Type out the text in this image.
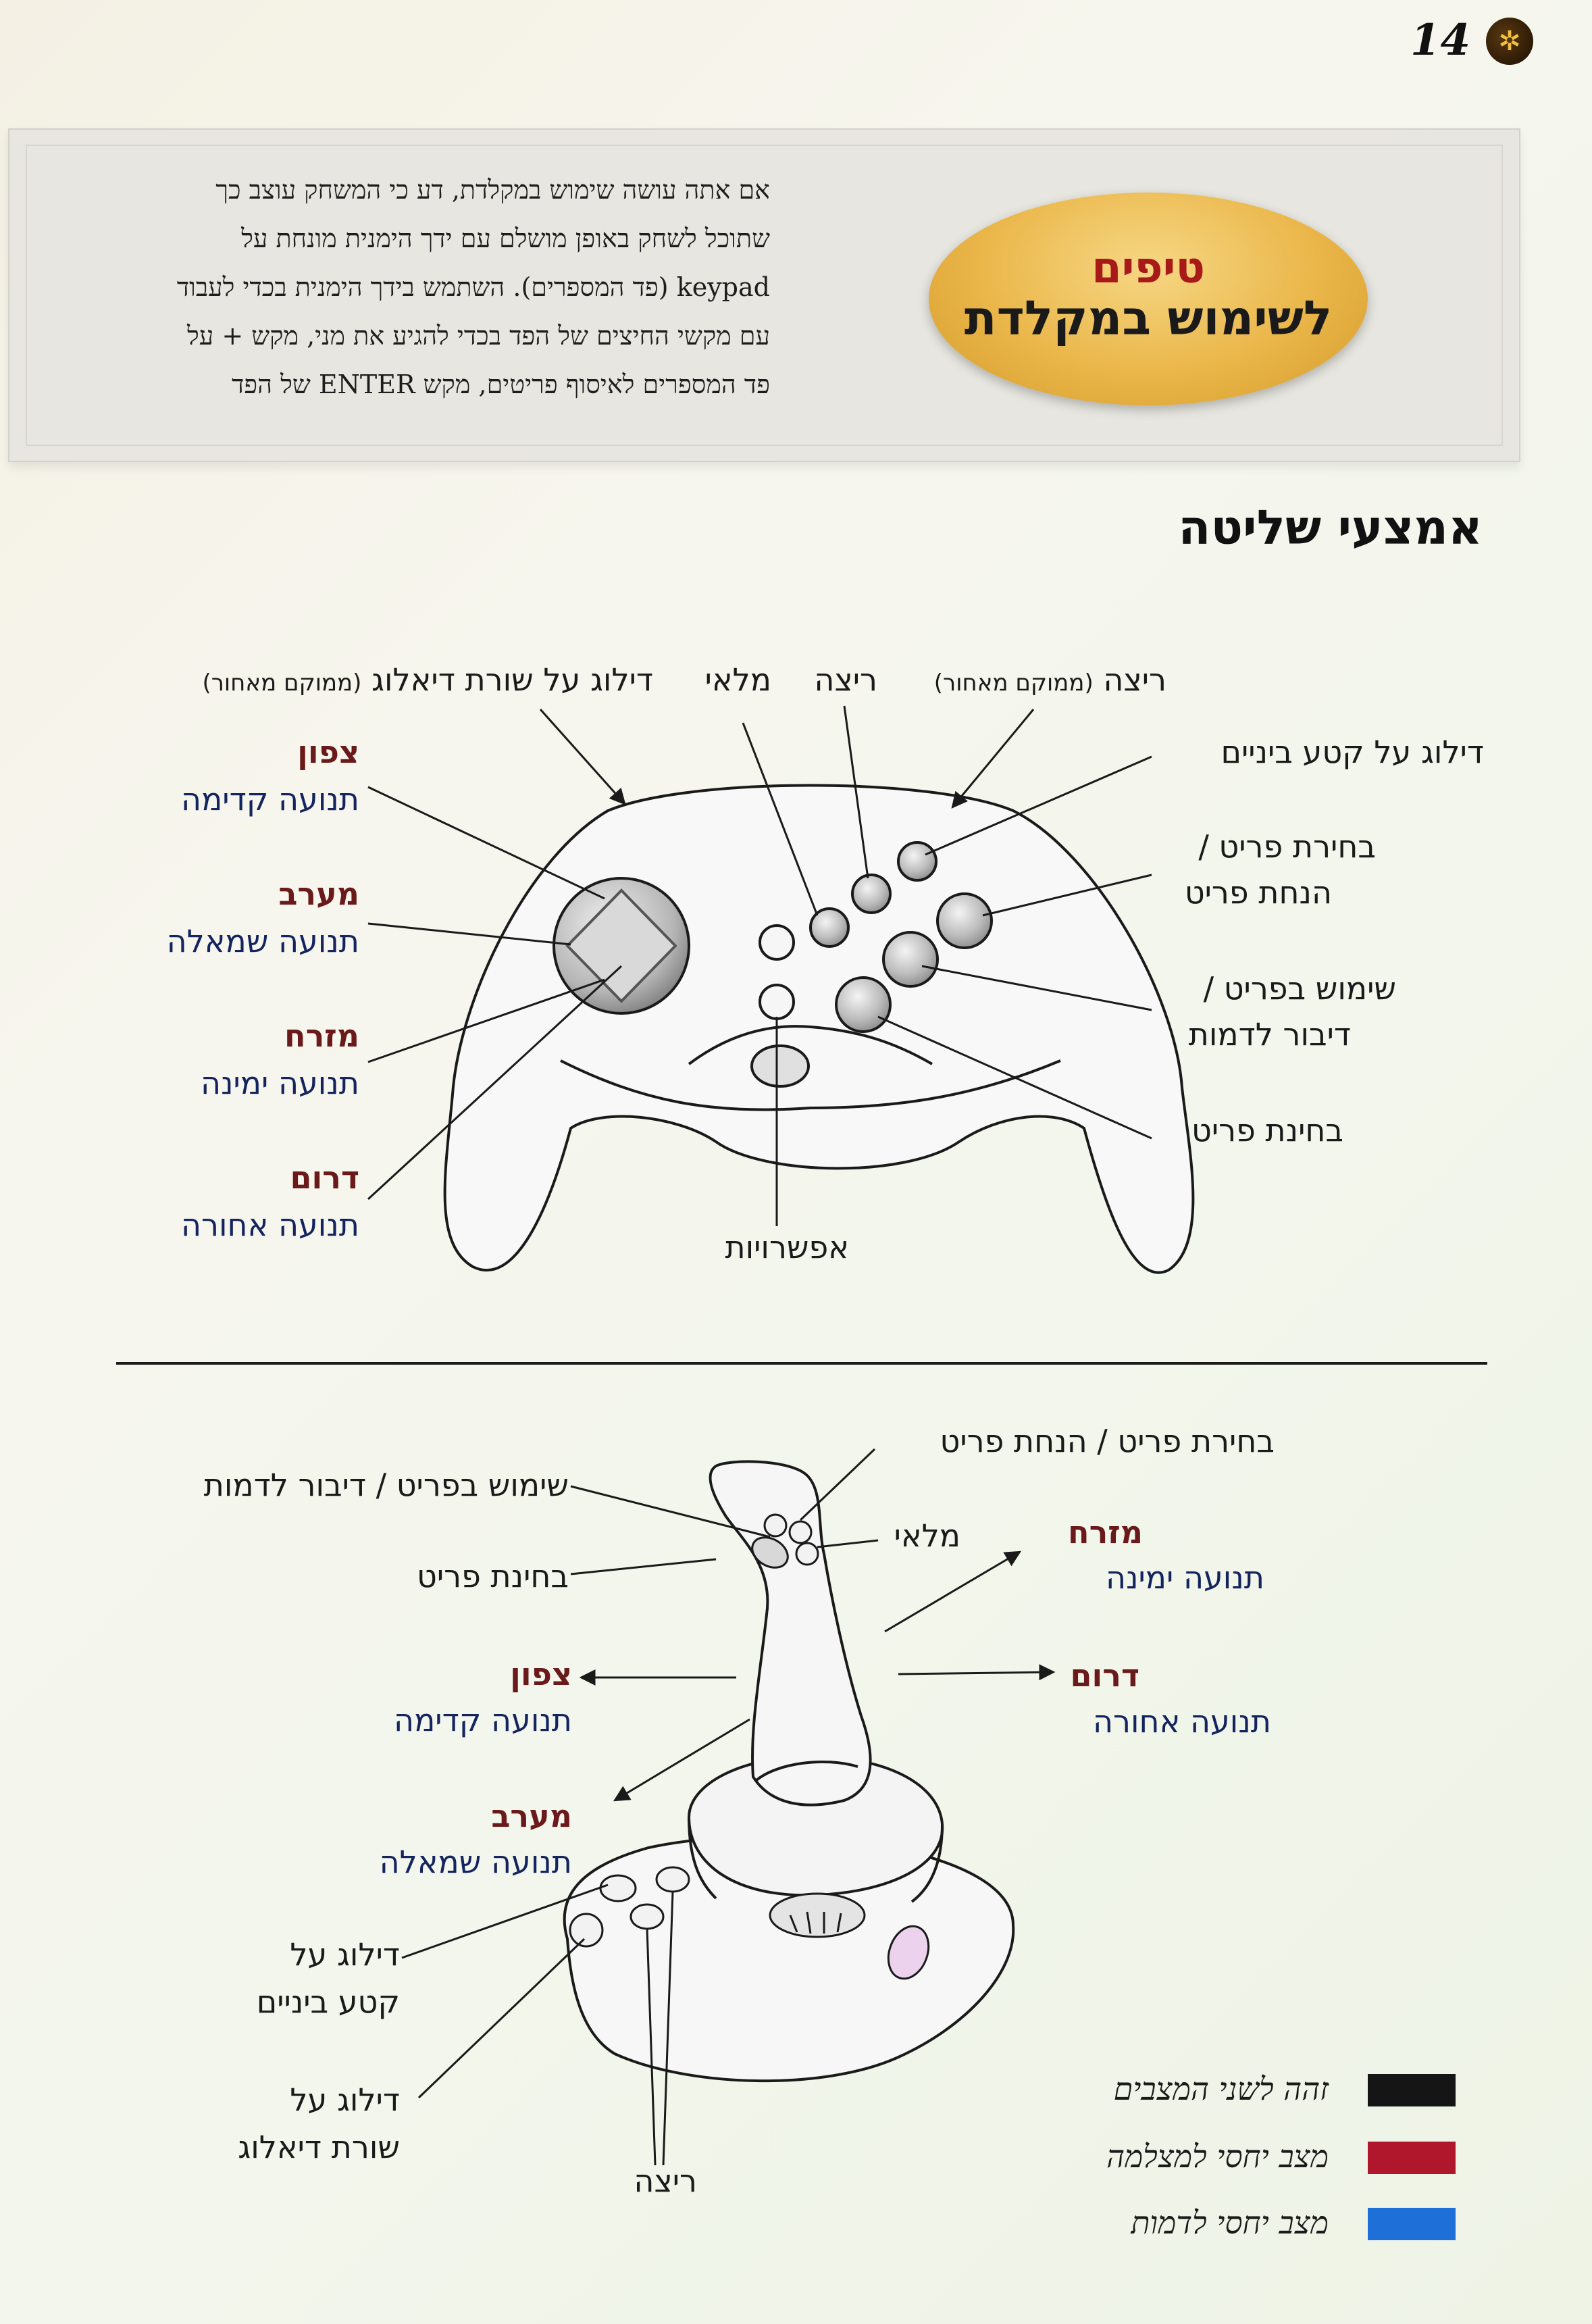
14	✲
טיפים
לשימוש במקלדת
אם אתה עושה שימוש במקלדת, דע כי המשחק עוצב כך
שתוכל לשחק באופן מושלם עם ידך הימנית מונחת על
keypad (פד המספרים). השתמש בידך הימנית בכדי לעבוד
עם מקשי החיצים של הפד בכדי להגיע את מני, מקש + על
פד המספרים לאיסוף פריטים, מקש ENTER של הפד
אמצעי שליטה
דילוג על שורת דיאלוג (ממוקם מאחור)	מלאי ריצה	ריצה (ממוקם מאחור)
צפון
תנועה קדימה
מערב
תנועה שמאלה
מזרח
תנועה ימינה
דרום
תנועה אחורה
דילוג על קטע ביניים
בחירת פריט /
הנחת פריט
שימוש בפריט /
דיבור לדמות
בחינת פריט
אפשרויות
בחירת פריט / הנחת פריט
שימוש בפריט / דיבור לדמות
בחינת פריט
מלאי	מזרח
תנועה ימינה
דרום
תנועה אחורה
צפון
תנועה קדימה
מערב
תנועה שמאלה
דילוג על
קטע ביניים
דילוג על
שורת דיאלוג
ריצה
זהה לשני המצבים
מצב יחסי למצלמה
מצב יחסי לדמות
